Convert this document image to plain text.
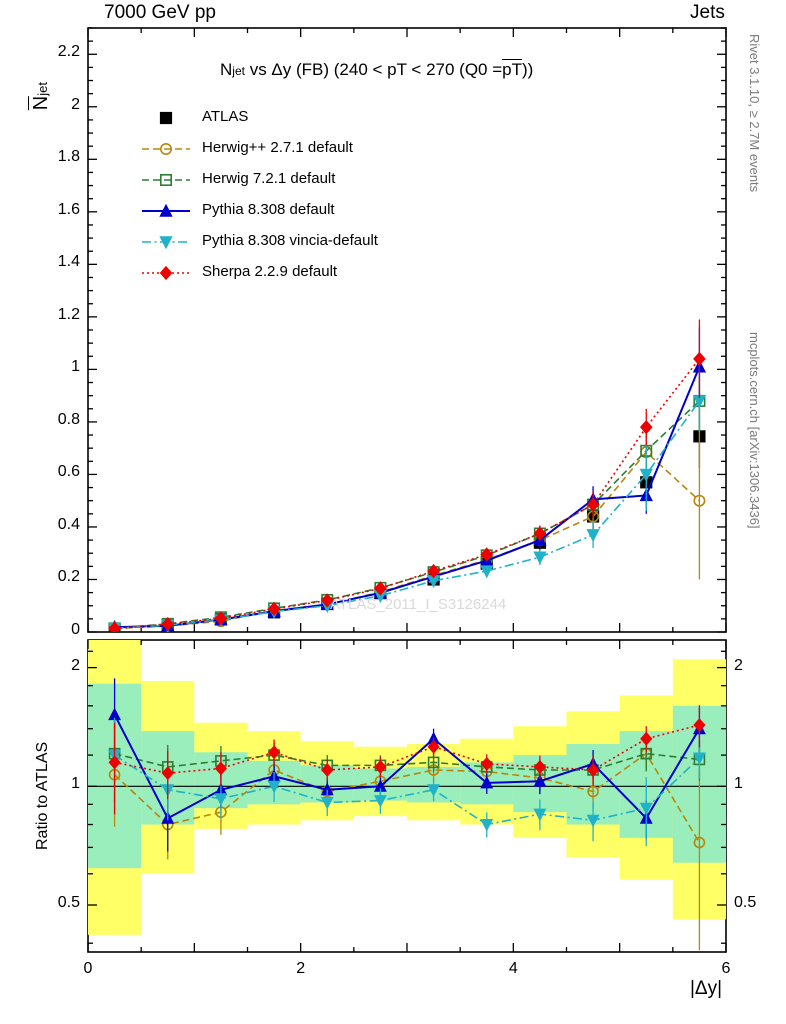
7000 GeV pp	Jets
Rivet 3.1.10, ≥ 2.7M events
mcplots.cern.ch [arXiv:1306.3436]
Njet
Ratio to ATLAS
|Δy|
Njet vs Δy (FB) (240 < pT < 270 (Q0 =pT))
ATLAS_2011_I_S3126244
ATLAS
Herwig++ 2.7.1 default
Herwig 7.2.1 default
Pythia 8.308 default
Pythia 8.308 vincia-default
Sherpa 2.2.9 default
0
0.2
0.4
0.6
0.8
1
1.2
1.4
1.6
1.8
2
2.2
0.5	0.5
1	1
2	2
0	2	4	6
